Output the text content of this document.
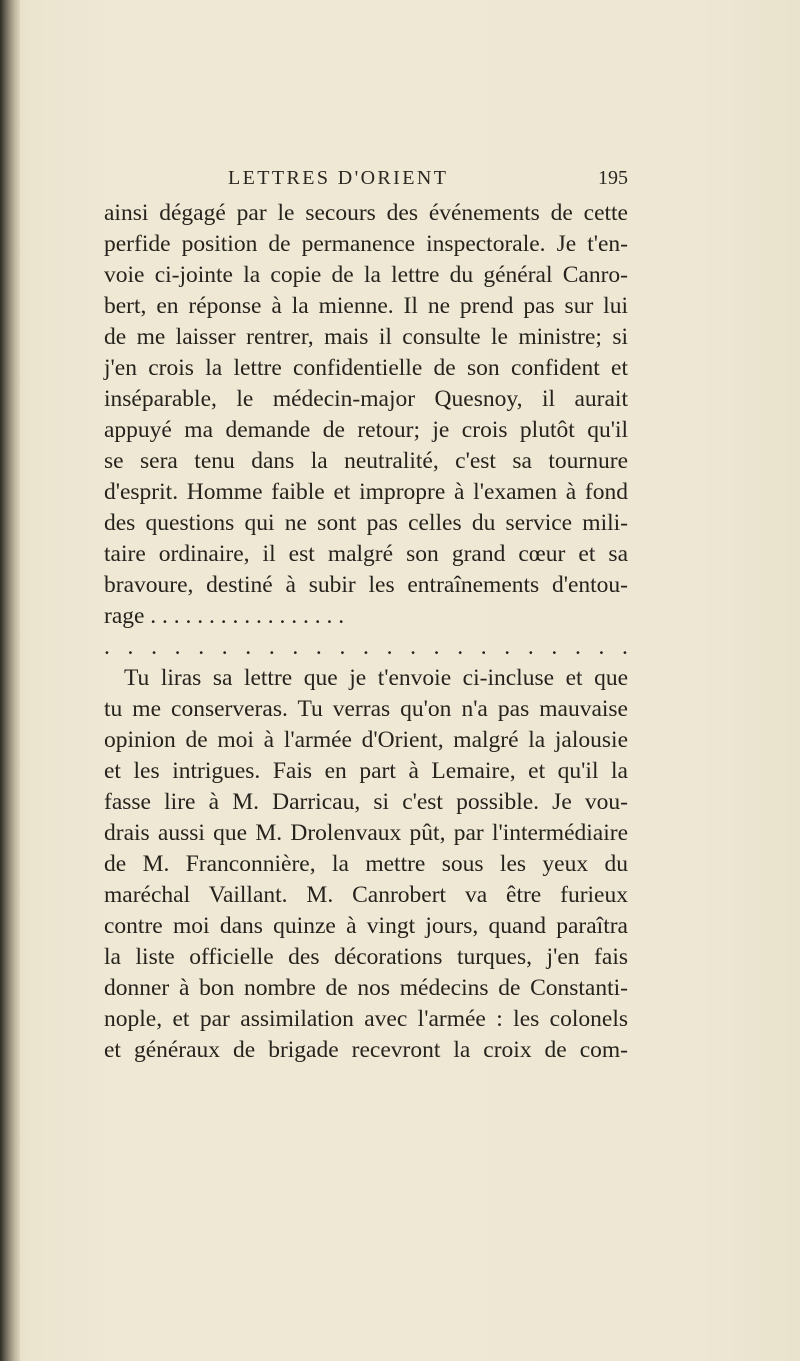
LETTRES D'ORIENT	195
ainsi dégagé par le secours des événements de cette
perfide position de permanence inspectorale. Je t'en-
voie ci-jointe la copie de la lettre du général Canro-
bert, en réponse à la mienne. Il ne prend pas sur lui
de me laisser rentrer, mais il consulte le ministre; si
j'en crois la lettre confidentielle de son confident et
inséparable, le médecin-major Quesnoy, il aurait
appuyé ma demande de retour; je crois plutôt qu'il
se sera tenu dans la neutralité, c'est sa tournure
d'esprit. Homme faible et impropre à l'examen à fond
des questions qui ne sont pas celles du service mili-
taire ordinaire, il est malgré son grand cœur et sa
bravoure, destiné à subir les entraînements d'entou-
rage . . . . . . . . . . . . . . . . .
. . . . . . . . . . . . . . . . . . . . . . .
Tu liras sa lettre que je t'envoie ci-incluse et que
tu me conserveras. Tu verras qu'on n'a pas mauvaise
opinion de moi à l'armée d'Orient, malgré la jalousie
et les intrigues. Fais en part à Lemaire, et qu'il la
fasse lire à M. Darricau, si c'est possible. Je vou-
drais aussi que M. Drolenvaux pût, par l'intermédiaire
de M. Franconnière, la mettre sous les yeux du
maréchal Vaillant. M. Canrobert va être furieux
contre moi dans quinze à vingt jours, quand paraîtra
la liste officielle des décorations turques, j'en fais
donner à bon nombre de nos médecins de Constanti-
nople, et par assimilation avec l'armée : les colonels
et généraux de brigade recevront la croix de com-
